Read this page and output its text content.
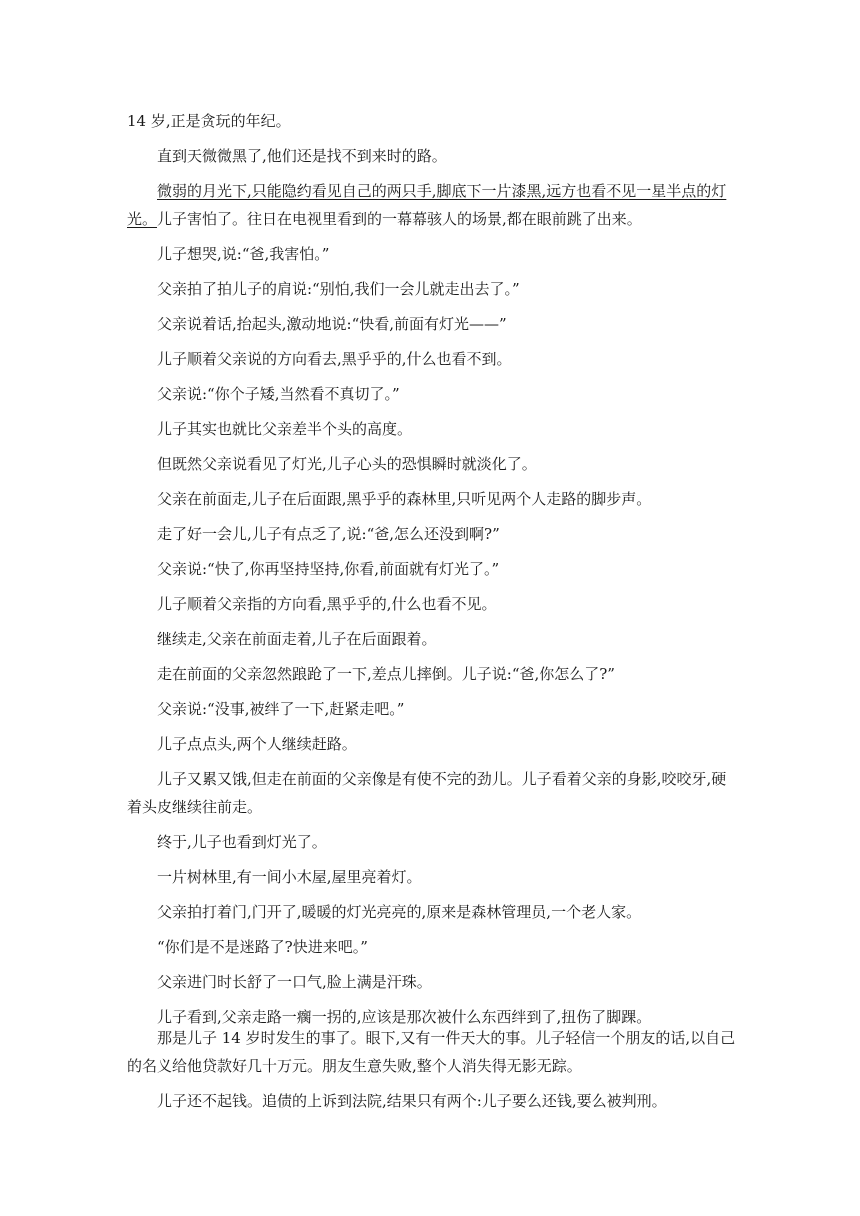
14 岁,正是贪玩的年纪。

直到天微微黑了,他们还是找不到来时的路。

微弱的月光下,只能隐约看见自己的两只手,脚底下一片漆黑,远方也看不见一星半点的灯光。儿子害怕了。往日在电视里看到的一幕幕骇人的场景,都在眼前跳了出来。

儿子想哭,说:“爸,我害怕。”

父亲拍了拍儿子的肩说:“别怕,我们一会儿就走出去了。”

父亲说着话,抬起头,激动地说:“快看,前面有灯光——”

儿子顺着父亲说的方向看去,黑乎乎的,什么也看不到。

父亲说:“你个子矮,当然看不真切了。”

儿子其实也就比父亲差半个头的高度。

但既然父亲说看见了灯光,儿子心头的恐惧瞬时就淡化了。

父亲在前面走,儿子在后面跟,黑乎乎的森林里,只听见两个人走路的脚步声。

走了好一会儿,儿子有点乏了,说:“爸,怎么还没到啊?”

父亲说:“快了,你再坚持坚持,你看,前面就有灯光了。”

儿子顺着父亲指的方向看,黑乎乎的,什么也看不见。

继续走,父亲在前面走着,儿子在后面跟着。

走在前面的父亲忽然踉跄了一下,差点儿摔倒。儿子说:“爸,你怎么了?”

父亲说:“没事,被绊了一下,赶紧走吧。”

儿子点点头,两个人继续赶路。

儿子又累又饿,但走在前面的父亲像是有使不完的劲儿。儿子看着父亲的身影,咬咬牙,硬着头皮继续往前走。

终于,儿子也看到灯光了。

一片树林里,有一间小木屋,屋里亮着灯。

父亲拍打着门,门开了,暖暖的灯光亮亮的,原来是森林管理员,一个老人家。

“你们是不是迷路了?快进来吧。”

父亲进门时长舒了一口气,脸上满是汗珠。

儿子看到,父亲走路一瘸一拐的,应该是那次被什么东西绊到了,扭伤了脚踝。

那是儿子 14 岁时发生的事了。眼下,又有一件天大的事。儿子轻信一个朋友的话,以自己的名义给他贷款好几十万元。朋友生意失败,整个人消失得无影无踪。

儿子还不起钱。追债的上诉到法院,结果只有两个:儿子要么还钱,要么被判刑。
